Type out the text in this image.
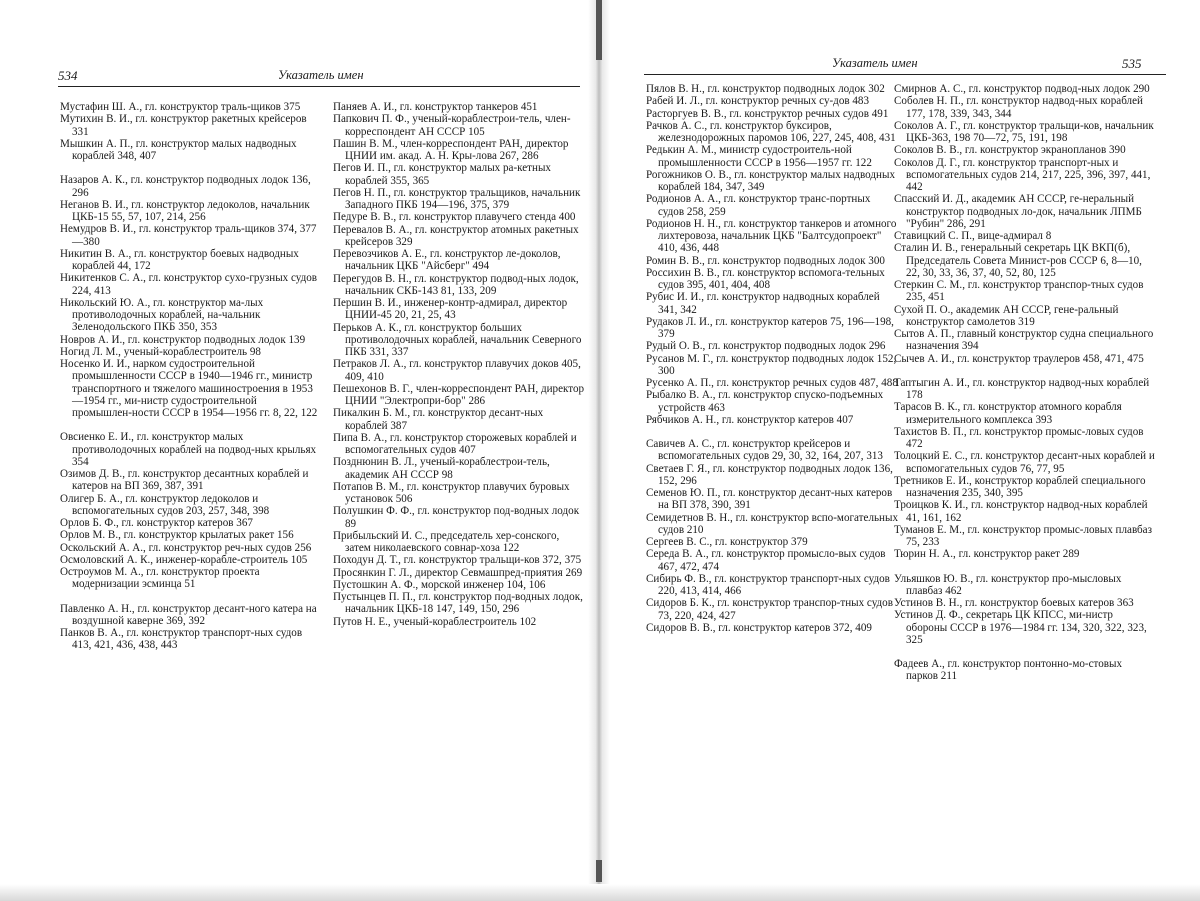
534	Указатель имен
Мустафин Ш. А., гл. конструктор траль-щиков 375
Мутихин В. И., гл. конструктор ракетных крейсеров 331
Мышкин А. П., гл. конструктор малых надводных кораблей 348, 407
Назаров А. К., гл. конструктор подводных лодок 136, 296
Неганов В. И., гл. конструктор ледоколов, начальник ЦКБ-15 55, 57, 107, 214, 256
Немудров В. И., гл. конструктор траль-щиков 374, 377—380
Никитин В. А., гл. конструктор боевых надводных кораблей 44, 172
Никитенков С. А., гл. конструктор сухо-грузных судов 224, 413
Никольский Ю. А., гл. конструктор ма-лых противолодочных кораблей, на-чальник Зеленодольского ПКБ 350, 353
Новров А. И., гл. конструктор подводных лодок 139
Ногид Л. М., ученый-кораблестроитель 98
Носенко И. И., нарком судостроительной промышленности СССР в 1940—1946 гг., министр транспортного и тяжелого машиностроения в 1953—1954 гг., ми-нистр судостроительной промышлен-ности СССР в 1954—1956 гг. 8, 22, 122
Овсиенко Е. И., гл. конструктор малых противолодочных кораблей на подвод-ных крыльях 354
Озимов Д. В., гл. конструктор десантных кораблей и катеров на ВП 369, 387, 391
Олигер Б. А., гл. конструктор ледоколов и вспомогательных судов 203, 257, 348, 398
Орлов Б. Ф., гл. конструктор катеров 367
Орлов М. В., гл. конструктор крылатых ракет 156
Оскольский А. А., гл. конструктор реч-ных судов 256
Осмоловский А. К., инженер-корабле-строитель 105
Остроумов М. А., гл. конструктор проекта модернизации эсминца 51
Павленко А. Н., гл. конструктор десант-ного катера на воздушной каверне 369, 392
Панков В. А., гл. конструктор транспорт-ных судов 413, 421, 436, 438, 443
Паняев А. И., гл. конструктор танкеров 451
Папкович П. Ф., ученый-кораблестрои-тель, член-корреспондент АН СССР 105
Пашин В. М., член-корреспондент РАН, директор ЦНИИ им. акад. А. Н. Кры-лова 267, 286
Пегов И. П., гл. конструктор малых ра-кетных кораблей 355, 365
Пегов Н. П., гл. конструктор тральщиков, начальник Западного ПКБ 194—196, 375, 379
Педуре В. В., гл. конструктор плавучего стенда 400
Перевалов В. А., гл. конструктор атомных ракетных крейсеров 329
Перевозчиков А. Е., гл. конструктор ле-доколов, начальник ЦКБ "Айсберг" 494
Перегудов В. Н., гл. конструктор подвод-ных лодок, начальник СКБ-143 81, 133, 209
Першин В. И., инженер-контр-адмирал, директор ЦНИИ-45 20, 21, 25, 43
Перьков А. К., гл. конструктор больших противолодочных кораблей, начальник Северного ПКБ 331, 337
Петраков Л. А., гл. конструктор плавучих доков 405, 409, 410
Пешехонов В. Г., член-корреспондент РАН, директор ЦНИИ "Электропри-бор" 286
Пикалкин Б. М., гл. конструктор десант-ных кораблей 387
Пипа В. А., гл. конструктор сторожевых кораблей и вспомогательных судов 407
Позднюнин В. Л., ученый-кораблестрои-тель, академик АН СССР 98
Потапов В. М., гл. конструктор плавучих буровых установок 506
Полушкин Ф. Ф., гл. конструктор под-водных лодок 89
Прибыльский И. С., председатель хер-сонского, затем николаевского совнар-хоза 122
Походун Д. Т., гл. конструктор тральщи-ков 372, 375
Просянкин Г. Л., директор Севмашпред-приятия 269
Пустошкин А. Ф., морской инженер 104, 106
Пустынцев П. П., гл. конструктор под-водных лодок, начальник ЦКБ-18 147, 149, 150, 296
Путов Н. Е., ученый-кораблестроитель 102
Указатель имен	535
Пялов В. Н., гл. конструктор подводных лодок 302
Рабей И. Л., гл. конструктор речных су-дов 483
Расторгуев В. В., гл. конструктор речных судов 491
Рачков А. С., гл. конструктор буксиров, железнодорожных паромов 106, 227, 245, 408, 431
Редькин А. М., министр судостроитель-ной промышленности СССР в 1956—1957 гг. 122
Рогожников О. В., гл. конструктор малых надводных кораблей 184, 347, 349
Родионов А. А., гл. конструктор транс-портных судов 258, 259
Родионов Н. Н., гл. конструктор танкеров и атомного лихтеровоза, начальник ЦКБ "Балтсудопроект" 410, 436, 448
Ромин В. В., гл. конструктор подводных лодок 300
Россихин В. В., гл. конструктор вспомога-тельных судов 395, 401, 404, 408
Рубис И. И., гл. конструктор надводных кораблей 341, 342
Рудаков Л. И., гл. конструктор катеров 75, 196—198, 379
Рудый О. В., гл. конструктор подводных лодок 296
Русанов М. Г., гл. конструктор подводных лодок 152, 300
Русенко А. П., гл. конструктор речных судов 487, 488
Рыбалко В. А., гл. конструктор спуско-подъемных устройств 463
Рябчиков А. Н., гл. конструктор катеров 407
Савичев А. С., гл. конструктор крейсеров и вспомогательных судов 29, 30, 32, 164, 207, 313
Светаев Г. Я., гл. конструктор подводных лодок 136, 152, 296
Семенов Ю. П., гл. конструктор десант-ных катеров на ВП 378, 390, 391
Семидетнов В. Н., гл. конструктор вспо-могательных судов 210
Сергеев В. С., гл. конструктор 379
Середа В. А., гл. конструктор промысло-вых судов 467, 472, 474
Сибирь Ф. В., гл. конструктор транспорт-ных судов 220, 413, 414, 466
Сидоров Б. К., гл. конструктор транспор-тных судов 73, 220, 424, 427
Сидоров В. В., гл. конструктор катеров 372, 409
Смирнов А. С., гл. конструктор подвод-ных лодок 290
Соболев Н. П., гл. конструктор надвод-ных кораблей 177, 178, 339, 343, 344
Соколов А. Г., гл. конструктор тральщи-ков, начальник ЦКБ-363, 198 70—72, 75, 191, 198
Соколов В. В., гл. конструктор экранопланов 390
Соколов Д. Г., гл. конструктор транспорт-ных и вспомогательных судов 214, 217, 225, 396, 397, 441, 442
Спасский И. Д., академик АН СССР, ге-неральный конструктор подводных ло-док, начальник ЛПМБ "Рубин" 286, 291
Ставицкий С. П., вице-адмирал 8
Сталин И. В., генеральный секретарь ЦК ВКП(б), Председатель Совета Минист-ров СССР 6, 8—10, 22, 30, 33, 36, 37, 40, 52, 80, 125
Стеркин С. М., гл. конструктор транспор-тных судов 235, 451
Сухой П. О., академик АН СССР, гене-ральный конструктор самолетов 319
Сытов А. П., главный конструктор судна специального назначения 394
Сычев А. И., гл. конструктор траулеров 458, 471, 475
Таптыгин А. И., гл. конструктор надвод-ных кораблей 178
Тарасов В. К., гл. конструктор атомного корабля измерительного комплекса 393
Тахистов В. П., гл. конструктор промыс-ловых судов 472
Толоцкий Е. С., гл. конструктор десант-ных кораблей и вспомогательных судов 76, 77, 95
Третников Е. И., конструктор кораблей специального назначения 235, 340, 395
Троицков К. И., гл. конструктор надвод-ных кораблей 41, 161, 162
Туманов Е. М., гл. конструктор промыс-ловых плавбаз 75, 233
Тюрин Н. А., гл. конструктор ракет 289
Ульяшков Ю. В., гл. конструктор про-мысловых плавбаз 462
Устинов В. Н., гл. конструктор боевых катеров 363
Устинов Д. Ф., секретарь ЦК КПСС, ми-нистр обороны СССР в 1976—1984 гг. 134, 320, 322, 323, 325
Фадеев А., гл. конструктор понтонно-мо-стовых парков 211
